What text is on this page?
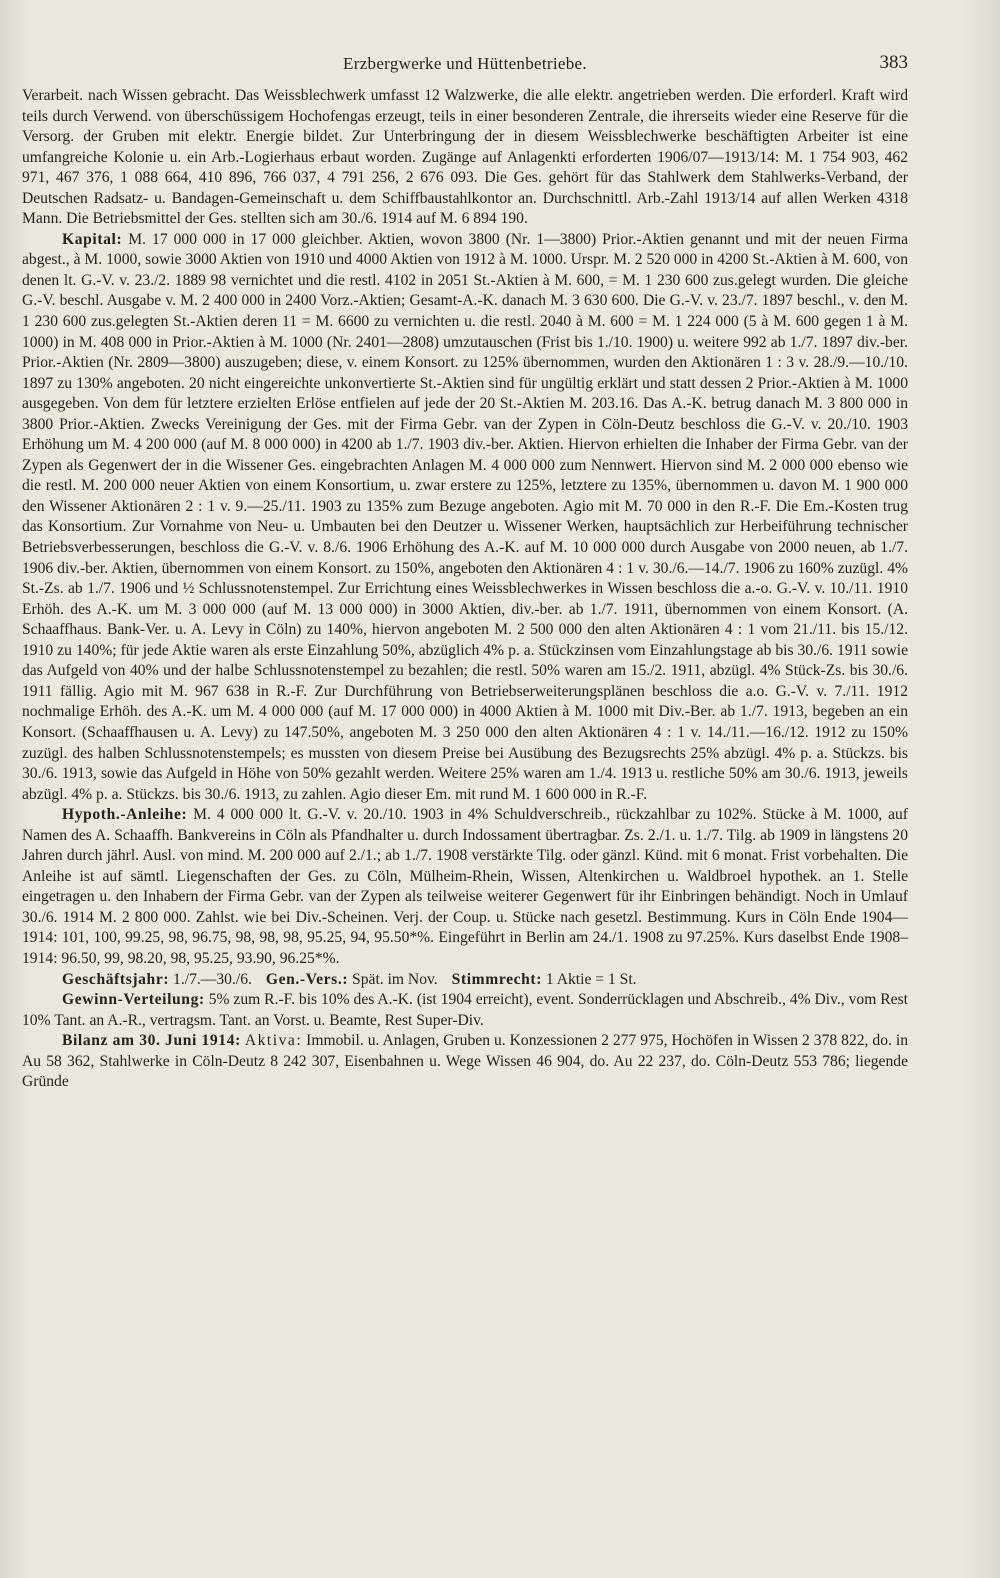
Erzbergwerke und Hüttenbetriebe.	383

Verarbeit. nach Wissen gebracht. Das Weissblechwerk umfasst 12 Walzwerke, die alle elektr. angetrieben werden. Die erforderl. Kraft wird teils durch Verwend. von überschüssigem Hochofengas erzeugt, teils in einer besonderen Zentrale, die ihrerseits wieder eine Reserve für die Versorg. der Gruben mit elektr. Energie bildet. Zur Unterbringung der in diesem Weissblechwerke beschäftigten Arbeiter ist eine umfangreiche Kolonie u. ein Arb.-Logierhaus erbaut worden. Zugänge auf Anlagenkti erforderten 1906/07—1913/14: M. 1 754 903, 462 971, 467 376, 1 088 664, 410 896, 766 037, 4 791 256, 2 676 093. Die Ges. gehört für das Stahlwerk dem Stahlwerks-Verband, der Deutschen Radsatz- u. Bandagen-Gemeinschaft u. dem Schiffbaustahlkontor an. Durchschnittl. Arb.-Zahl 1913/14 auf allen Werken 4318 Mann. Die Betriebsmittel der Ges. stellten sich am 30./6. 1914 auf M. 6 894 190.

Kapital: M. 17 000 000 in 17 000 gleichber. Aktien, wovon 3800 (Nr. 1—3800) Prior.-Aktien genannt und mit der neuen Firma abgest., à M. 1000, sowie 3000 Aktien von 1910 und 4000 Aktien von 1912 à M. 1000. Urspr. M. 2 520 000 in 4200 St.-Aktien à M. 600, von denen lt. G.-V. v. 23./2. 1889 98 vernichtet und die restl. 4102 in 2051 St.-Aktien à M. 600, = M. 1 230 600 zus.gelegt wurden. Die gleiche G.-V. beschl. Ausgabe v. M. 2 400 000 in 2400 Vorz.-Aktien; Gesamt-A.-K. danach M. 3 630 600. Die G.-V. v. 23./7. 1897 beschl., v. den M. 1 230 600 zus.gelegten St.-Aktien deren 11 = M. 6600 zu vernichten u. die restl. 2040 à M. 600 = M. 1 224 000 (5 à M. 600 gegen 1 à M. 1000) in M. 408 000 in Prior.-Aktien à M. 1000 (Nr. 2401—2808) umzutauschen (Frist bis 1./10. 1900) u. weitere 992 ab 1./7. 1897 div.-ber. Prior.-Aktien (Nr. 2809—3800) auszugeben; diese, v. einem Konsort. zu 125% übernommen, wurden den Aktionären 1 : 3 v. 28./9.—10./10. 1897 zu 130% angeboten. 20 nicht eingereichte unkonvertierte St.-Aktien sind für ungültig erklärt und statt dessen 2 Prior.-Aktien à M. 1000 ausgegeben. Von dem für letztere erzielten Erlöse entfielen auf jede der 20 St.-Aktien M. 203.16. Das A.-K. betrug danach M. 3 800 000 in 3800 Prior.-Aktien. Zwecks Vereinigung der Ges. mit der Firma Gebr. van der Zypen in Cöln-Deutz beschloss die G.-V. v. 20./10. 1903 Erhöhung um M. 4 200 000 (auf M. 8 000 000) in 4200 ab 1./7. 1903 div.-ber. Aktien. Hiervon erhielten die Inhaber der Firma Gebr. van der Zypen als Gegenwert der in die Wissener Ges. eingebrachten Anlagen M. 4 000 000 zum Nennwert. Hiervon sind M. 2 000 000 ebenso wie die restl. M. 200 000 neuer Aktien von einem Konsortium, u. zwar erstere zu 125%, letztere zu 135%, übernommen u. davon M. 1 900 000 den Wissener Aktionären 2 : 1 v. 9.—25./11. 1903 zu 135% zum Bezuge angeboten. Agio mit M. 70 000 in den R.-F. Die Em.-Kosten trug das Konsortium. Zur Vornahme von Neu- u. Umbauten bei den Deutzer u. Wissener Werken, hauptsächlich zur Herbeiführung technischer Betriebsverbesserungen, beschloss die G.-V. v. 8./6. 1906 Erhöhung des A.-K. auf M. 10 000 000 durch Ausgabe von 2000 neuen, ab 1./7. 1906 div.-ber. Aktien, übernommen von einem Konsort. zu 150%, angeboten den Aktionären 4 : 1 v. 30./6.—14./7. 1906 zu 160% zuzügl. 4% St.-Zs. ab 1./7. 1906 und ½ Schlussnotenstempel. Zur Errichtung eines Weissblechwerkes in Wissen beschloss die a.-o. G.-V. v. 10./11. 1910 Erhöh. des A.-K. um M. 3 000 000 (auf M. 13 000 000) in 3000 Aktien, div.-ber. ab 1./7. 1911, übernommen von einem Konsort. (A. Schaaffhaus. Bank-Ver. u. A. Levy in Cöln) zu 140%, hiervon angeboten M. 2 500 000 den alten Aktionären 4 : 1 vom 21./11. bis 15./12. 1910 zu 140%; für jede Aktie waren als erste Einzahlung 50%, abzüglich 4% p. a. Stückzinsen vom Einzahlungstage ab bis 30./6. 1911 sowie das Aufgeld von 40% und der halbe Schlussnotenstempel zu bezahlen; die restl. 50% waren am 15./2. 1911, abzügl. 4% Stück-Zs. bis 30./6. 1911 fällig. Agio mit M. 967 638 in R.-F. Zur Durchführung von Betriebserweiterungsplänen beschloss die a.o. G.-V. v. 7./11. 1912 nochmalige Erhöh. des A.-K. um M. 4 000 000 (auf M. 17 000 000) in 4000 Aktien à M. 1000 mit Div.-Ber. ab 1./7. 1913, begeben an ein Konsort. (Schaaffhausen u. A. Levy) zu 147.50%, angeboten M. 3 250 000 den alten Aktionären 4 : 1 v. 14./11.—16./12. 1912 zu 150% zuzügl. des halben Schlussnotenstempels; es mussten von diesem Preise bei Ausübung des Bezugsrechts 25% abzügl. 4% p. a. Stückzs. bis 30./6. 1913, sowie das Aufgeld in Höhe von 50% gezahlt werden. Weitere 25% waren am 1./4. 1913 u. restliche 50% am 30./6. 1913, jeweils abzügl. 4% p. a. Stückzs. bis 30./6. 1913, zu zahlen. Agio dieser Em. mit rund M. 1 600 000 in R.-F.

Hypoth.-Anleihe: M. 4 000 000 lt. G.-V. v. 20./10. 1903 in 4% Schuldverschreib., rückzahlbar zu 102%. Stücke à M. 1000, auf Namen des A. Schaaffh. Bankvereins in Cöln als Pfandhalter u. durch Indossament übertragbar. Zs. 2./1. u. 1./7. Tilg. ab 1909 in längstens 20 Jahren durch jährl. Ausl. von mind. M. 200 000 auf 2./1.; ab 1./7. 1908 verstärkte Tilg. oder gänzl. Künd. mit 6 monat. Frist vorbehalten. Die Anleihe ist auf sämtl. Liegenschaften der Ges. zu Cöln, Mülheim-Rhein, Wissen, Altenkirchen u. Waldbroel hypothek. an 1. Stelle eingetragen u. den Inhabern der Firma Gebr. van der Zypen als teilweise weiterer Gegenwert für ihr Einbringen behändigt. Noch in Umlauf 30./6. 1914 M. 2 800 000. Zahlst. wie bei Div.-Scheinen. Verj. der Coup. u. Stücke nach gesetzl. Bestimmung. Kurs in Cöln Ende 1904—1914: 101, 100, 99.25, 98, 96.75, 98, 98, 98, 95.25, 94, 95.50*%. Eingeführt in Berlin am 24./1. 1908 zu 97.25%. Kurs daselbst Ende 1908–1914: 96.50, 99, 98.20, 98, 95.25, 93.90, 96.25*%.

Geschäftsjahr: 1./7.—30./6. Gen.-Vers.: Spät. im Nov. Stimmrecht: 1 Aktie = 1 St.

Gewinn-Verteilung: 5% zum R.-F. bis 10% des A.-K. (ist 1904 erreicht), event. Sonderrücklagen und Abschreib., 4% Div., vom Rest 10% Tant. an A.-R., vertragsm. Tant. an Vorst. u. Beamte, Rest Super-Div.

Bilanz am 30. Juni 1914: Aktiva: Immobil. u. Anlagen, Gruben u. Konzessionen 2 277 975, Hochöfen in Wissen 2 378 822, do. in Au 58 362, Stahlwerke in Cöln-Deutz 8 242 307, Eisenbahnen u. Wege Wissen 46 904, do. Au 22 237, do. Cöln-Deutz 553 786; liegende Gründe
